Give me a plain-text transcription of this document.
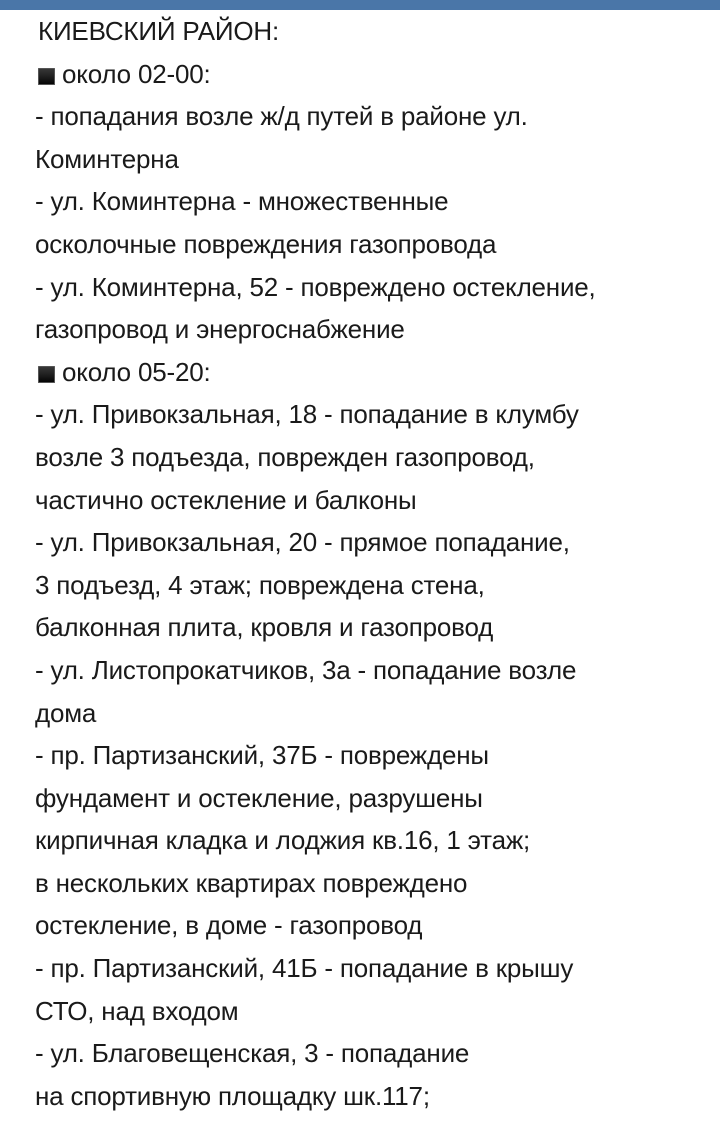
КИЕВСКИЙ РАЙОН:
около 02-00:
- попадания возле ж/д путей в районе ул.
Коминтерна
- ул. Коминтерна - множественные
осколочные повреждения газопровода
- ул. Коминтерна, 52 - повреждено остекление,
газопровод и энергоснабжение
около 05-20:
- ул. Привокзальная, 18 - попадание в клумбу
возле 3 подъезда, поврежден газопровод,
частично остекление и балконы
- ул. Привокзальная, 20 - прямое попадание,
3 подъезд, 4 этаж; повреждена стена,
балконная плита, кровля и газопровод
- ул. Листопрокатчиков, 3а - попадание возле
дома
- пр. Партизанский, 37Б - повреждены
фундамент и остекление, разрушены
кирпичная кладка и лоджия кв.16, 1 этаж;
в нескольких квартирах повреждено
остекление, в доме - газопровод
- пр. Партизанский, 41Б - попадание в крышу
СТО, над входом
- ул. Благовещенская, 3 - попадание
на спортивную площадку шк.117;
